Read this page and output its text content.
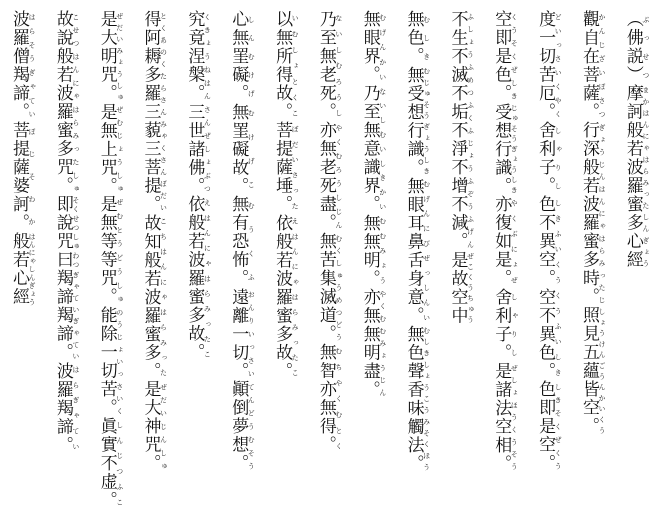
（佛説） ぶっせつ摩訶般若波羅蜜多心經 まかはんにゃはらみったしんぎょう
觀自在菩薩。 かんじざいぼさつ行深般若波羅蜜多時。 ぎょうじんはんにゃはらみったじ照見五蘊皆空。 しょうけんごうんかいくう
度一切苦厄。 どいっさいくやく舍利子。 しゃりし色不異空。 しきふいくう空不異色。 くうふいしき色即是空。 しきそくぜくう
空即是色。 くうそくぜしき受想行識。 じゅそうぎょうしき亦復如是。 やくぶにょぜ舍利子。 しゃりし是諸法空相。 ぜしょほうくうそう
不生不滅不垢不淨不增不減。 ふしょうふめつふくふじょうふぞうふげん是故空中 ぜこくうちゅう
無色。 むしき無受想行識。 むじゅそうぎょうしき無眼耳鼻舌身意。 むげんにびぜっしんい無色聲香味觸法。 むしきしょうこうみそくほう
無眼界。 むげんかい乃至無意識界。 ないしむいしきかい無無明。 むむみょう亦無無明盡。 やくむむみょうじん
乃至無老死。 ないしむろうし亦無老死盡。 やくむろうしじん無苦集滅道。 むくしゅうめつどう無智亦無得。 むちやくむとく
以無所得故。 いむしょとくこ菩提薩埵。 ぼだいさった依般若波羅蜜多故。 えはんにゃはらみったこ
心無罣礙。 しんむけげ無罣礙故。 むけげこ無有恐怖。 むうくふ遠離一切。 おんりいっさい顚倒夢想。 てんどうむそう
究竟涅槃。 くきょうねはん三世諸佛。 さんぜしょぶつ依般若波羅蜜多故。 えはんにゃはらみったこ
得阿耨多羅三藐三菩提。 とくあのくたらさんみゃくさんぼだい故知般若波羅蜜多。 こちはんにゃはらみった是大神咒。 ぜだいじんしゅ
是大明咒。 ぜだいみょうしゅ是無上咒。 ぜむじょうしゅ是無等等咒。 ぜむとうどうしゅ能除一切苦。 のうじょいっさいく眞實不虚。 しんじつふこ
故說般若波羅蜜多咒。 こせつはんにゃはらみったしゅ即說咒曰 そくせつしゅわつ羯諦羯諦。 ぎゃていぎゃてい波羅羯諦。 はらぎゃてい
波羅僧羯諦。 はらそうぎゃてい菩提薩婆訶。 ぼじそわか般若心經 はんにゃしんぎょう
